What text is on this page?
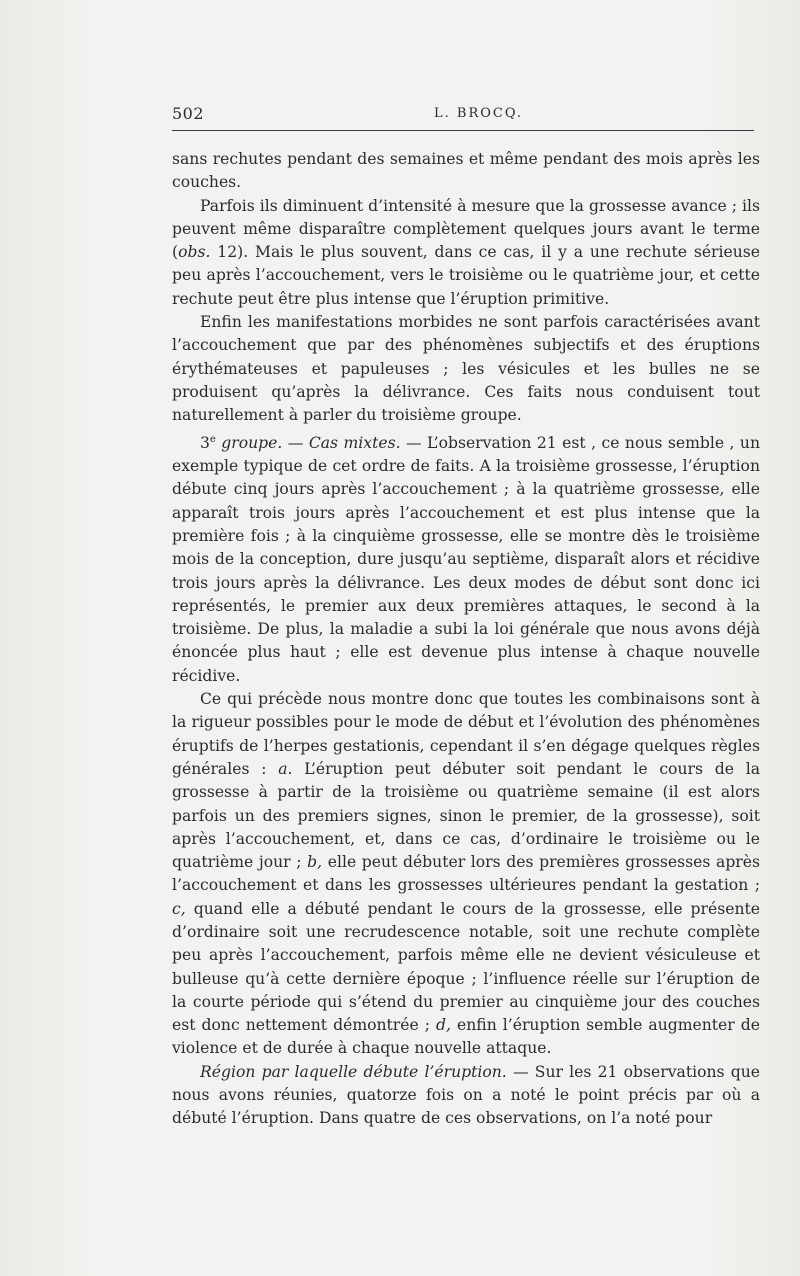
502	L. BROCQ.

sans rechutes pendant des semaines et même pendant des mois après les couches.

Parfois ils diminuent d’intensité à mesure que la grossesse avance ; ils peuvent même disparaître complètement quelques jours avant le terme (obs. 12). Mais le plus souvent, dans ce cas, il y a une rechute sérieuse peu après l’accouchement, vers le troisième ou le quatrième jour, et cette rechute peut être plus intense que l’éruption primitive.

Enfin les manifestations morbides ne sont parfois caractérisées avant l’accouchement que par des phénomènes subjectifs et des éruptions érythémateuses et papuleuses ; les vésicules et les bulles ne se produisent qu’après la délivrance. Ces faits nous conduisent tout naturellement à parler du troisième groupe.

3e groupe. — Cas mixtes. — L’observation 21 est , ce nous semble , un exemple typique de cet ordre de faits. A la troisième grossesse, l’éruption débute cinq jours après l’accouchement ; à la quatrième grossesse, elle apparaît trois jours après l’accouchement et est plus intense que la première fois ; à la cinquième grossesse, elle se montre dès le troisième mois de la conception, dure jusqu’au septième, disparaît alors et récidive trois jours après la délivrance. Les deux modes de début sont donc ici représentés, le premier aux deux premières attaques, le second à la troisième. De plus, la maladie a subi la loi générale que nous avons déjà énoncée plus haut ; elle est devenue plus intense à chaque nouvelle récidive.

Ce qui précède nous montre donc que toutes les combinaisons sont à la rigueur possibles pour le mode de début et l’évolution des phénomènes éruptifs de l’herpes gestationis, cependant il s’en dégage quelques règles générales : a. L’éruption peut débuter soit pendant le cours de la grossesse à partir de la troisième ou quatrième semaine (il est alors parfois un des premiers signes, sinon le premier, de la grossesse), soit après l’accouchement, et, dans ce cas, d’ordinaire le troisième ou le quatrième jour ; b, elle peut débuter lors des premières grossesses après l’accouchement et dans les grossesses ultérieures pendant la gestation ; c, quand elle a débuté pendant le cours de la grossesse, elle présente d’ordinaire soit une recrudescence notable, soit une rechute complète peu après l’accouchement, parfois même elle ne devient vésiculeuse et bulleuse qu’à cette dernière époque ; l’influence réelle sur l’éruption de la courte période qui s’étend du premier au cinquième jour des couches est donc nettement démontrée ; d, enfin l’éruption semble augmenter de violence et de durée à chaque nouvelle attaque.

Région par laquelle débute l’éruption. — Sur les 21 observations que nous avons réunies, quatorze fois on a noté le point précis par où a débuté l’éruption. Dans quatre de ces observations, on l’a noté pour
